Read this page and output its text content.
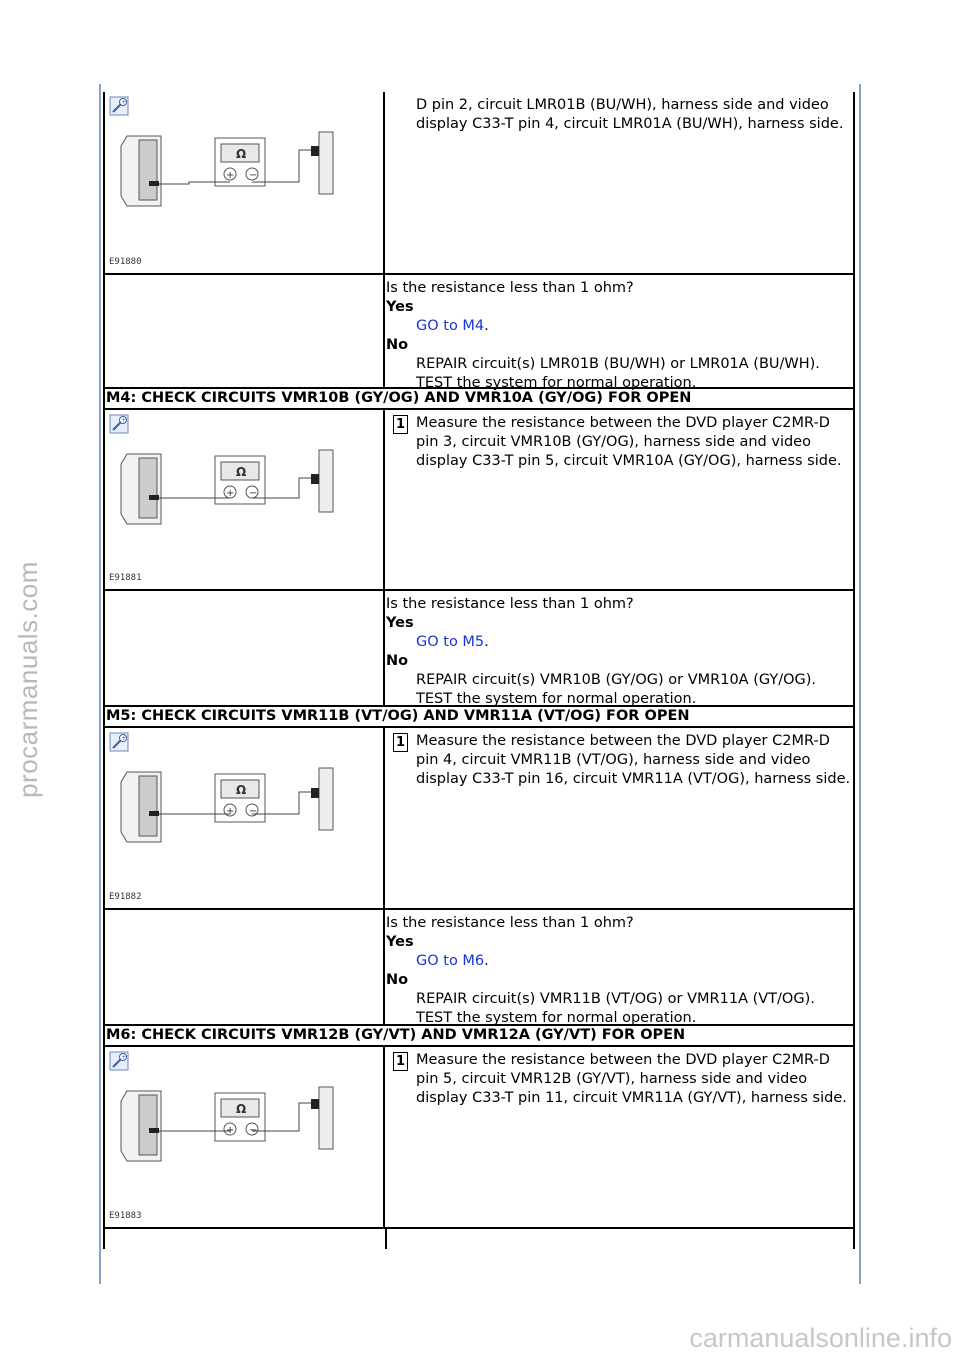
procarmanuals.com
carmanualsonline.info
+
Ω
+ −
E91880
D pin 2, circuit LMR01B (BU/WH), harness side and video display C33-T pin 4, circuit LMR01A (BU/WH), harness side.
Is the resistance less than 1 ohm?
Yes
GO to M4.
No
REPAIR circuit(s) LMR01B (BU/WH) or LMR01A (BU/WH). TEST the system for normal operation.
M4: CHECK CIRCUITS VMR10B (GY/OG) AND VMR10A (GY/OG) FOR OPEN
+
Ω
+ −
E91881
1 Measure the resistance between the DVD player C2MR-D pin 3, circuit VMR10B (GY/OG), harness side and video display C33-T pin 5, circuit VMR10A (GY/OG), harness side.
Is the resistance less than 1 ohm?
Yes
GO to M5.
No
REPAIR circuit(s) VMR10B (GY/OG) or VMR10A (GY/OG). TEST the system for normal operation.
M5: CHECK CIRCUITS VMR11B (VT/OG) AND VMR11A (VT/OG) FOR OPEN
+
Ω
+ −
E91882
1 Measure the resistance between the DVD player C2MR-D pin 4, circuit VMR11B (VT/OG), harness side and video display C33-T pin 16, circuit VMR11A (VT/OG), harness side.
Is the resistance less than 1 ohm?
Yes
GO to M6.
No
REPAIR circuit(s) VMR11B (VT/OG) or VMR11A (VT/OG). TEST the system for normal operation.
M6: CHECK CIRCUITS VMR12B (GY/VT) AND VMR12A (GY/VT) FOR OPEN
+
Ω
+ −
E91883
1 Measure the resistance between the DVD player C2MR-D pin 5, circuit VMR12B (GY/VT), harness side and video display C33-T pin 11, circuit VMR11A (GY/VT), harness side.
